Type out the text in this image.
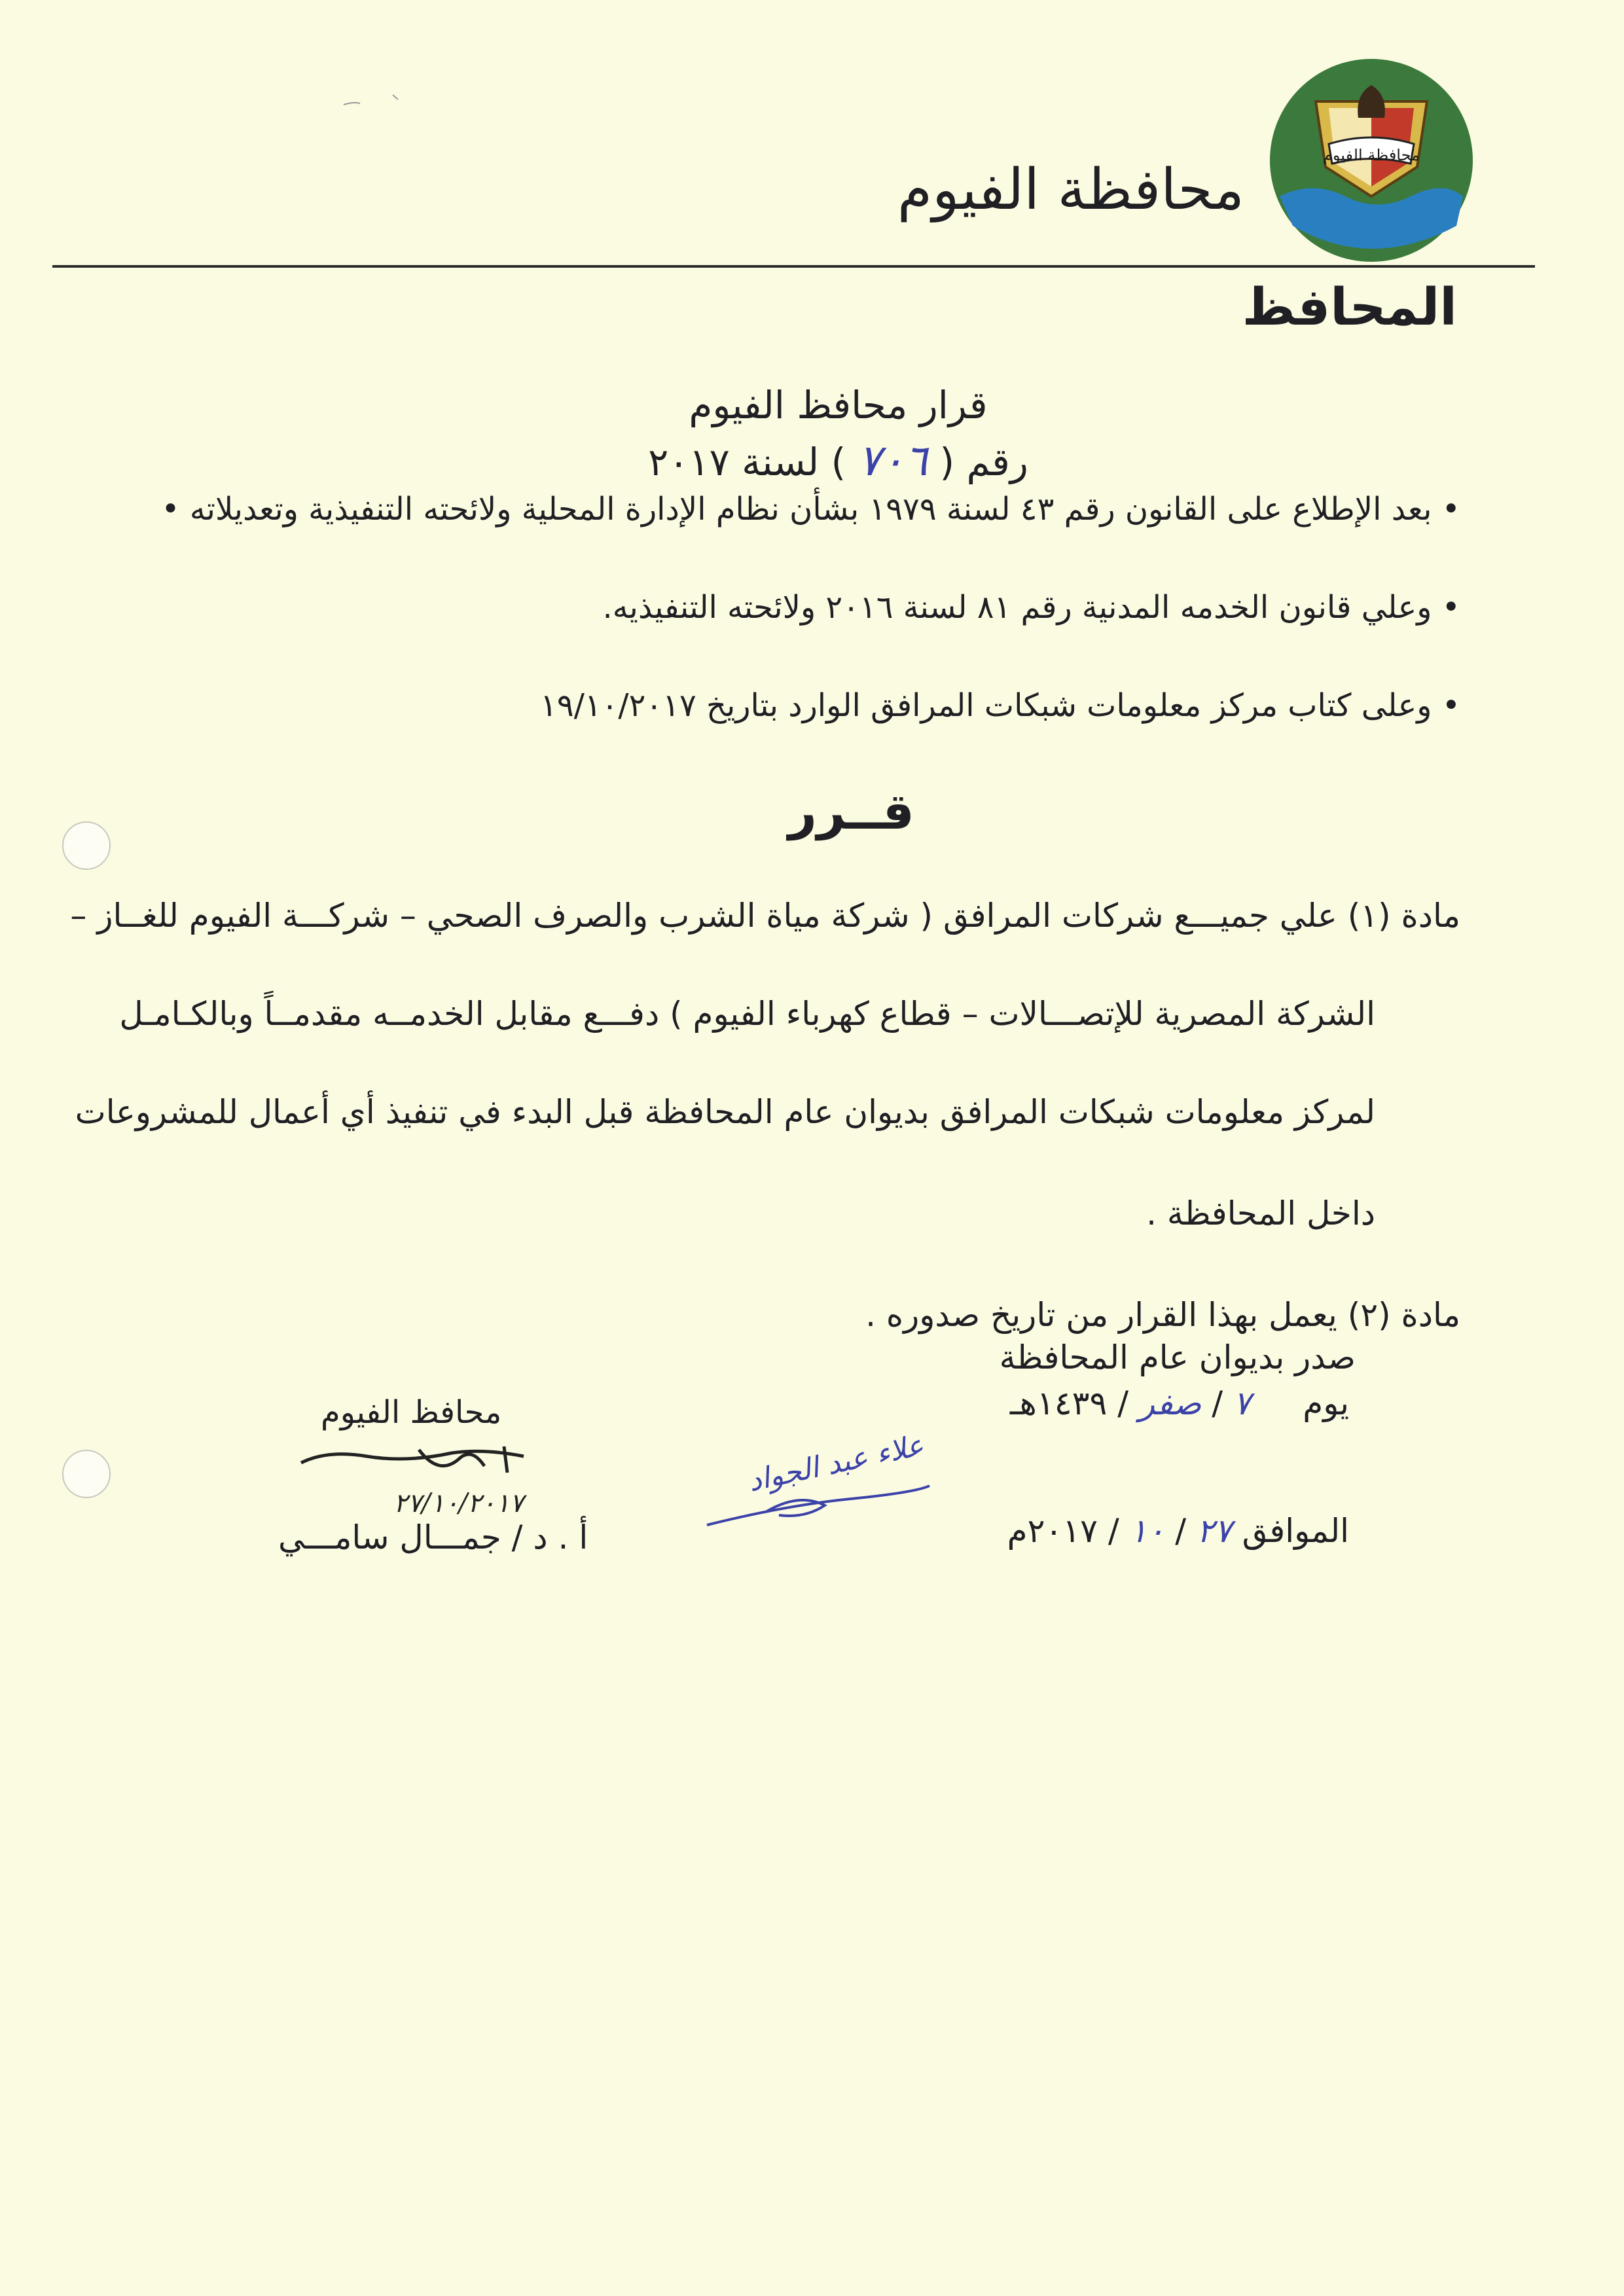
محافظة الفيوم
محافظة الفيوم
المحافظ
قرار محافظ الفيوم
رقم ( ٧٠٦ ) لسنة ٢٠١٧
• بعد الإطلاع على القانون رقم ٤٣ لسنة ١٩٧٩ بشأن نظام الإدارة المحلية ولائحته التنفيذية وتعديلاته •
• وعلي قانون الخدمه المدنية رقم ٨١ لسنة ٢٠١٦ ولائحته التنفيذيه.
• وعلى كتاب مركز معلومات شبكات المرافق الوارد بتاريخ ١٩/١٠/٢٠١٧
قــرر
مادة (١) علي جميـــع شركات المرافق ( شركة مياة الشرب والصرف الصحي – شركـــة الفيوم للغــاز –
الشركة المصرية للإتصـــالات – قطاع كهرباء الفيوم ) دفـــع مقابل الخدمــه مقدمــاً وبالكـامـل
لمركز معلومات شبكات المرافق بديوان عام المحافظة قبل البدء في تنفيذ أي أعمال للمشروعات
داخل المحافظة .
مادة (٢) يعمل بهذا القرار من تاريخ صدوره .
صدر بديوان عام المحافظة
يوم     ٧ / صفر / ١٤٣٩هـ
الموافق ٢٧ / ١٠ / ٢٠١٧م
محافظ الفيوم
٢٧/١٠/٢٠١٧
أ . د / جمـــال سامـــي
علاء عبد الجواد
